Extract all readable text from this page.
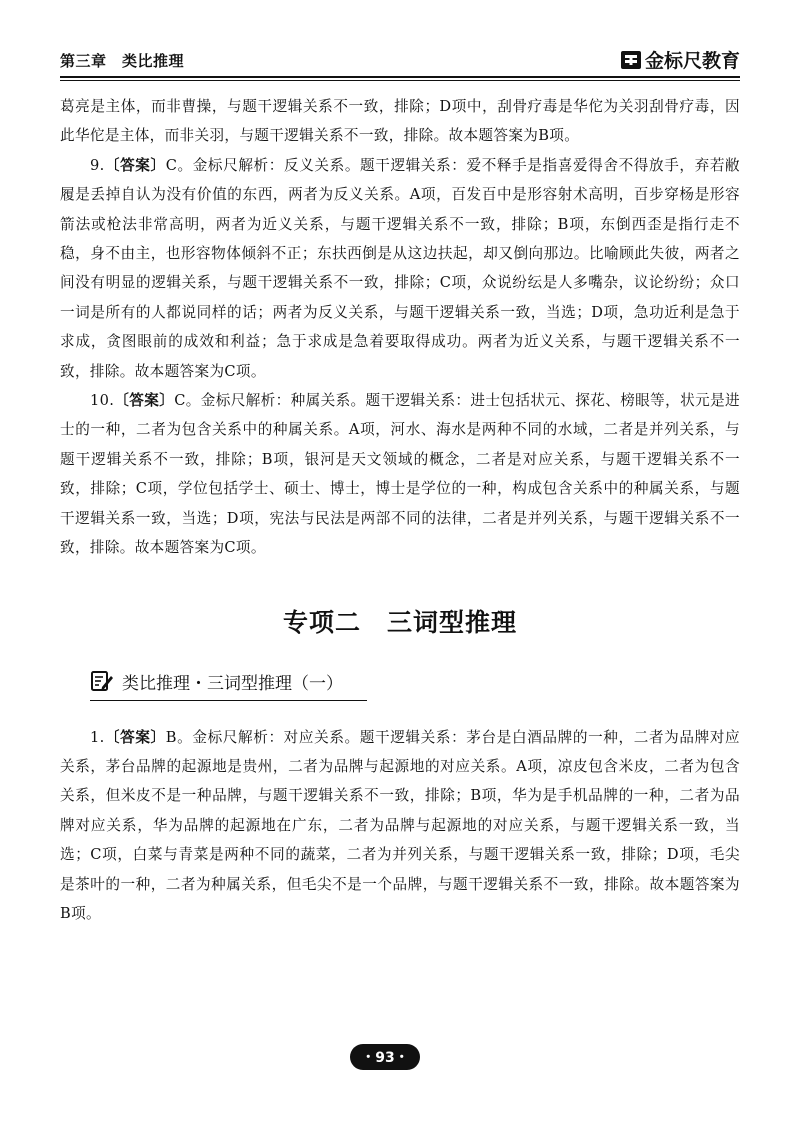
第三章　类比推理	金标尺教育

葛亮是主体，而非曹操，与题干逻辑关系不一致，排除；D项中，刮骨疗毒是华佗为关羽刮骨疗毒，因此华佗是主体，而非关羽，与题干逻辑关系不一致，排除。故本题答案为B项。

9.〔答案〕C。金标尺解析：反义关系。题干逻辑关系：爱不释手是指喜爱得舍不得放手，弃若敝履是丢掉自认为没有价值的东西，两者为反义关系。A项，百发百中是形容射术高明，百步穿杨是形容箭法或枪法非常高明，两者为近义关系，与题干逻辑关系不一致，排除；B项，东倒西歪是指行走不稳，身不由主，也形容物体倾斜不正；东扶西倒是从这边扶起，却又倒向那边。比喻顾此失彼，两者之间没有明显的逻辑关系，与题干逻辑关系不一致，排除；C项，众说纷纭是人多嘴杂，议论纷纷；众口一词是所有的人都说同样的话；两者为反义关系，与题干逻辑关系一致，当选；D项，急功近利是急于求成，贪图眼前的成效和利益；急于求成是急着要取得成功。两者为近义关系，与题干逻辑关系不一致，排除。故本题答案为C项。

10.〔答案〕C。金标尺解析：种属关系。题干逻辑关系：进士包括状元、探花、榜眼等，状元是进士的一种，二者为包含关系中的种属关系。A项，河水、海水是两种不同的水域，二者是并列关系，与题干逻辑关系不一致，排除；B项，银河是天文领域的概念，二者是对应关系，与题干逻辑关系不一致，排除；C项，学位包括学士、硕士、博士，博士是学位的一种，构成包含关系中的种属关系，与题干逻辑关系一致，当选；D项，宪法与民法是两部不同的法律，二者是并列关系，与题干逻辑关系不一致，排除。故本题答案为C项。

专项二　三词型推理
类比推理・三词型推理（一）

1.〔答案〕B。金标尺解析：对应关系。题干逻辑关系：茅台是白酒品牌的一种，二者为品牌对应关系，茅台品牌的起源地是贵州，二者为品牌与起源地的对应关系。A项，凉皮包含米皮，二者为包含关系，但米皮不是一种品牌，与题干逻辑关系不一致，排除；B项，华为是手机品牌的一种，二者为品牌对应关系，华为品牌的起源地在广东，二者为品牌与起源地的对应关系，与题干逻辑关系一致，当选；C项，白菜与青菜是两种不同的蔬菜，二者为并列关系，与题干逻辑关系一致，排除；D项，毛尖是茶叶的一种，二者为种属关系，但毛尖不是一个品牌，与题干逻辑关系不一致，排除。故本题答案为B项。

・93・
